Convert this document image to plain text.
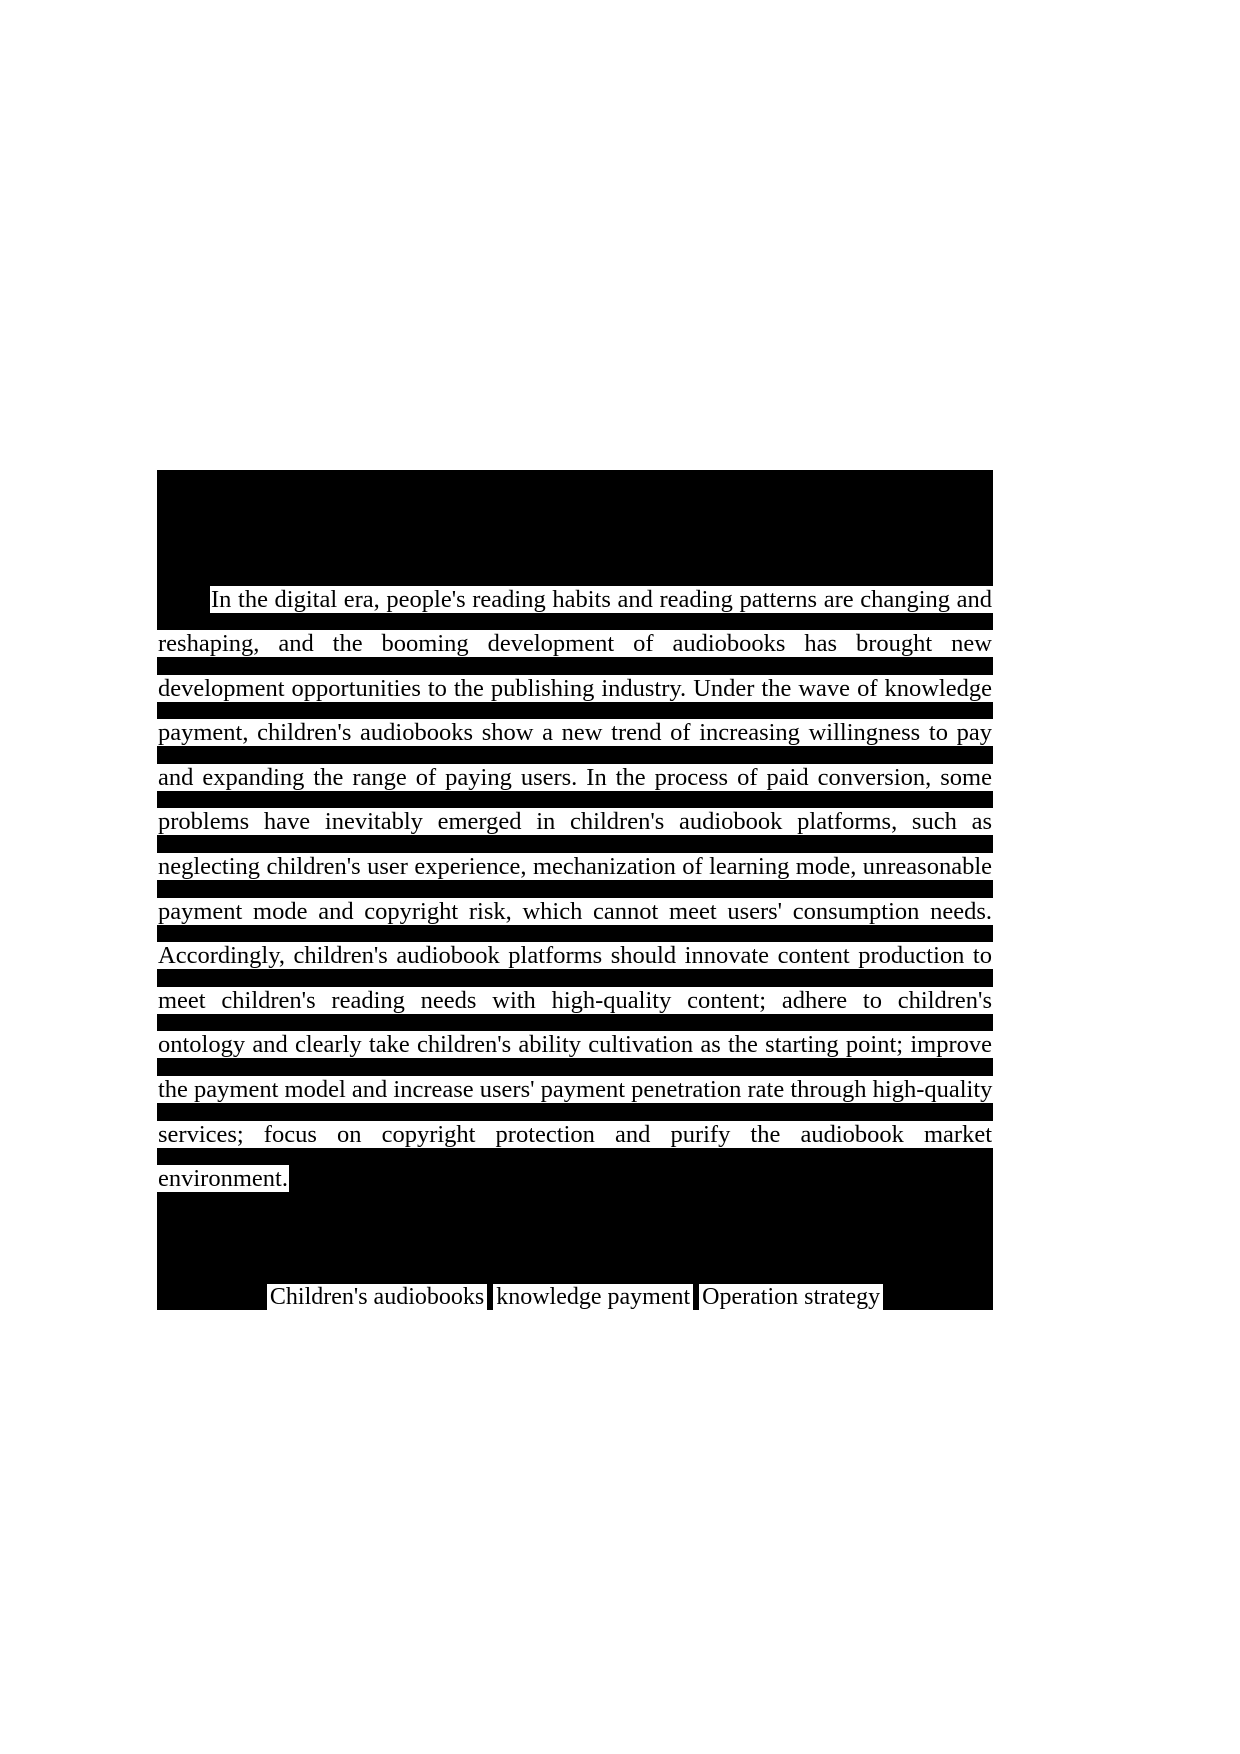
In the digital era, people's reading habits and reading patterns are changing and reshaping, and the booming development of audiobooks has brought new development opportunities to the publishing industry. Under the wave of knowledge payment, children's audiobooks show a new trend of increasing willingness to pay and expanding the range of paying users. In the process of paid conversion, some problems have inevitably emerged in children's audiobook platforms, such as neglecting children's user experience, mechanization of learning mode, unreasonable payment mode and copyright risk, which cannot meet users' consumption needs. Accordingly, children's audiobook platforms should innovate content production to meet children's reading needs with high-quality content; adhere to children's ontology and clearly take children's ability cultivation as the starting point; improve the payment model and increase users' payment penetration rate through high-quality services; focus on copyright protection and purify the audiobook market environment.

Children's audiobooks knowledge payment Operation strategy
